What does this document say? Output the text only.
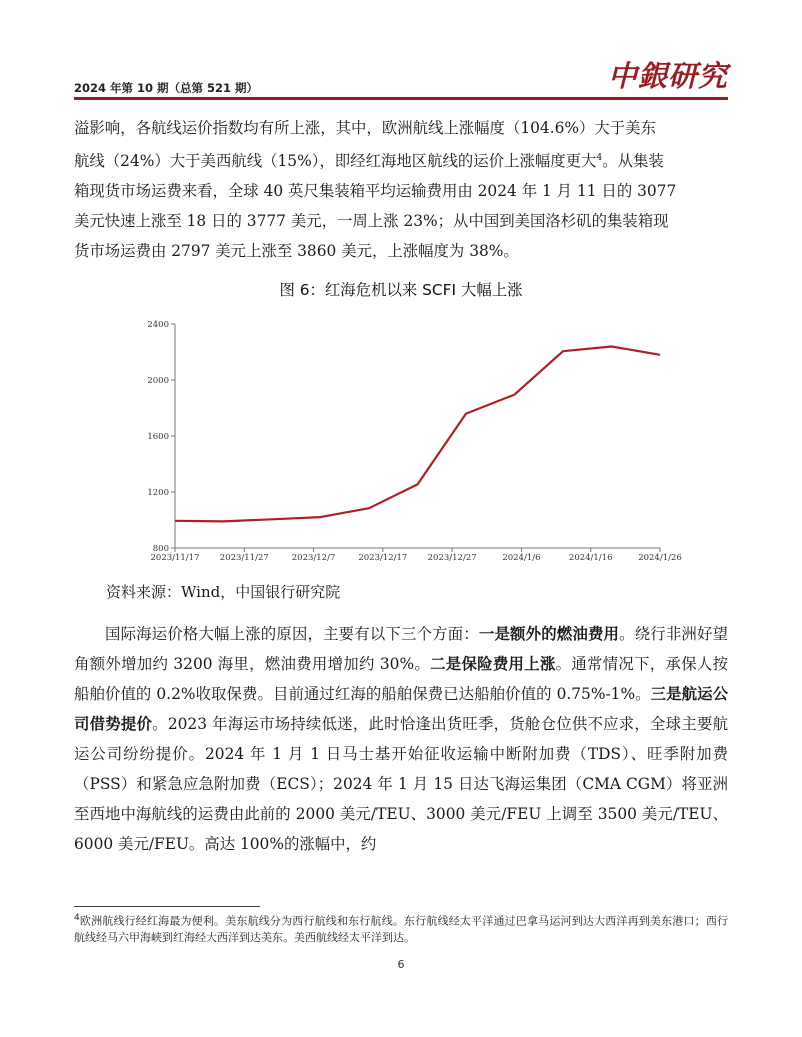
2024 年第 10 期（总第 521 期）	中銀研究

溢影响，各航线运价指数均有所上涨，其中，欧洲航线上涨幅度（104.6%）大于美东

航线（24%）大于美西航线（15%），即经红海地区航线的运价上涨幅度更大$^4$。从集装

箱现货市场运费来看，全球 40 英尺集装箱平均运输费用由 2024 年 1 月 11 日的 3077

美元快速上涨至 18 日的 3777 美元，一周上涨 23%；从中国到美国洛杉矶的集装箱现

货市场运费由 2797 美元上涨至 3860 美元，上涨幅度为 38%。

图 6：红海危机以来 SCFI 大幅上涨
800
1200
1600
2000
2400
2023/11/17 2023/11/27	2023/12/7	2023/12/17 2023/12/27	2024/1/6	2024/1/16	2024/1/26
资料来源：Wind，中国银行研究院

国际海运价格大幅上涨的原因，主要有以下三个方面：一是额外的燃油费用。绕行非洲好望角额外增加约 3200 海里，燃油费用增加约 30%。二是保险费用上涨。通常情况下，承保人按船舶价值的 0.2%收取保费。目前通过红海的船舶保费已达船舶价值的 0.75%-1%。三是航运公司借势提价。2023 年海运市场持续低迷，此时恰逢出货旺季，货舱仓位供不应求，全球主要航运公司纷纷提价。2024 年 1 月 1 日马士基开始征收运输中断附加费（TDS）、旺季附加费（PSS）和紧急应急附加费（ECS）；2024 年 1 月 15 日达飞海运集团（CMA CGM）将亚洲至西地中海航线的运费由此前的 2000 美元/TEU、3000 美元/FEU 上调至 3500 美元/TEU、6000 美元/FEU。高达 100%的涨幅中，约

$^4$欧洲航线行经红海最为便利。美东航线分为西行航线和东行航线。东行航线经太平洋通过巴拿马运河到达大西洋再到美东港口；西行航线经马六甲海峡到红海经大西洋到达美东。美西航线经太平洋到达。
6
